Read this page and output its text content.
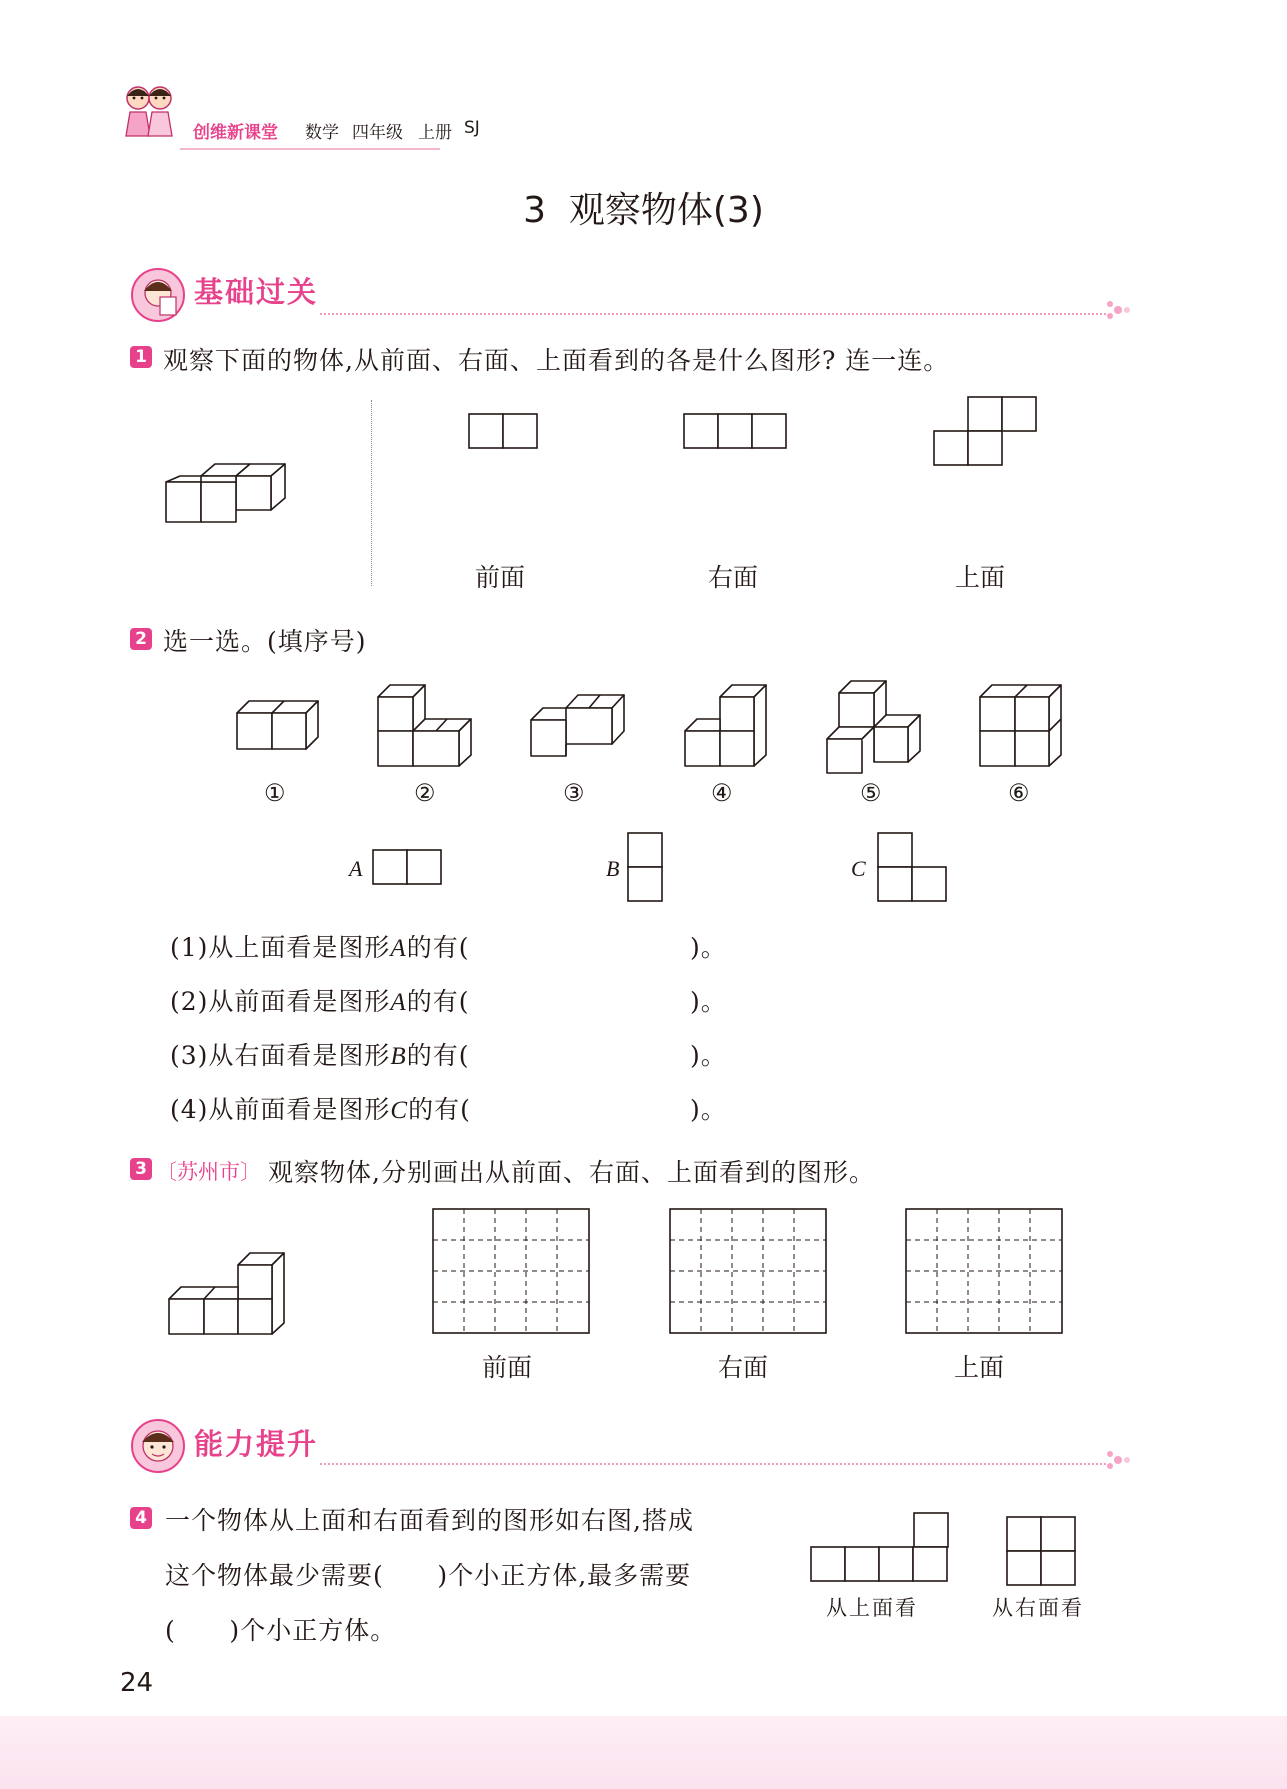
创维新课堂 数学 四年级 上册 SJ
3  观察物体(3)
基础过关
1 观察下面的物体,从前面、右面、上面看到的各是什么图形? 连一连。
前面	右面	上面
2 选一选。(填序号)
①	②	③	④	⑤	⑥
A	B	C
(1)从上面看是图形A的有(	)。
(2)从前面看是图形A的有(	)。
(3)从右面看是图形B的有(	)。
(4)从前面看是图形C的有(	)。
3 〔苏州市〕 观察物体,分别画出从前面、右面、上面看到的图形。
前面	右面	上面
能力提升
4 一个物体从上面和右面看到的图形如右图,搭成
这个物体最少需要(      )个小正方体,最多需要
(      )个小正方体。
从上面看	从右面看
24
